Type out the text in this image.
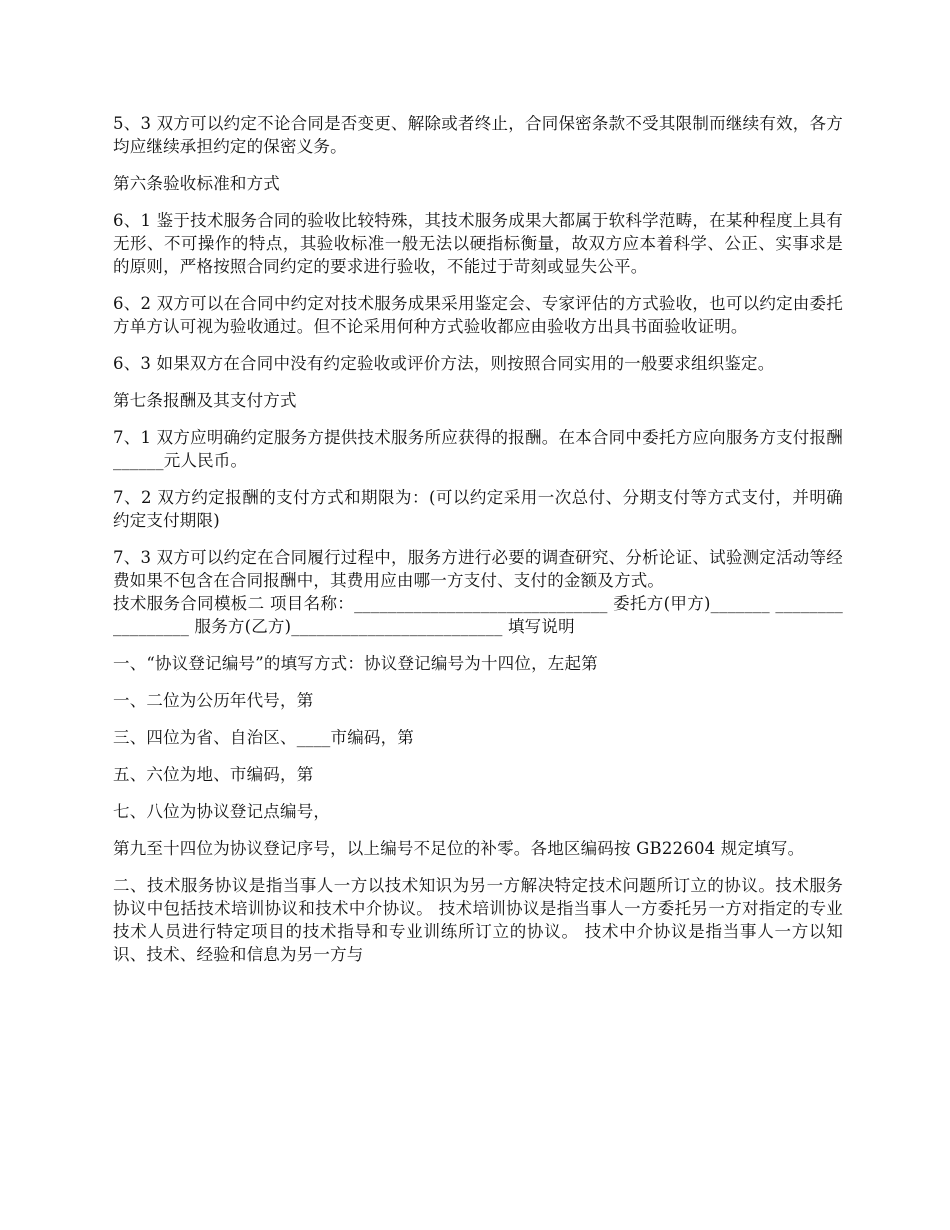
5、3 双方可以约定不论合同是否变更、解除或者终止，合同保密条款不受其限制而继续有效，各方均应继续承担约定的保密义务。

第六条验收标准和方式

6、1 鉴于技术服务合同的验收比较特殊，其技术服务成果大都属于软科学范畴，在某种程度上具有无形、不可操作的特点，其验收标准一般无法以硬指标衡量，故双方应本着科学、公正、实事求是的原则，严格按照合同约定的要求进行验收，不能过于苛刻或显失公平。

6、2 双方可以在合同中约定对技术服务成果采用鉴定会、专家评估的方式验收，也可以约定由委托方单方认可视为验收通过。但不论采用何种方式验收都应由验收方出具书面验收证明。

6、3 如果双方在合同中没有约定验收或评价方法，则按照合同实用的一般要求组织鉴定。

第七条报酬及其支付方式

7、1 双方应明确约定服务方提供技术服务所应获得的报酬。在本合同中委托方应向服务方支付报酬______元人民币。

7、2 双方约定报酬的支付方式和期限为：(可以约定采用一次总付、分期支付等方式支付，并明确约定支付期限)

7、3 双方可以约定在合同履行过程中，服务方进行必要的调查研究、分析论证、试验测定活动等经费如果不包含在合同报酬中，其费用应由哪一方支付、支付的金额及方式。

技术服务合同模板二 项目名称：______________________________ 委托方(甲方)_______ _________________ 服务方(乙方)_________________________ 填写说明

一、“协议登记编号”的填写方式：协议登记编号为十四位，左起第

一、二位为公历年代号，第

三、四位为省、自治区、____市编码，第

五、六位为地、市编码，第

七、八位为协议登记点编号，

第九至十四位为协议登记序号，以上编号不足位的补零。各地区编码按 GB22604 规定填写。

二、技术服务协议是指当事人一方以技术知识为另一方解决特定技术问题所订立的协议。技术服务协议中包括技术培训协议和技术中介协议。 技术培训协议是指当事人一方委托另一方对指定的专业技术人员进行特定项目的技术指导和专业训练所订立的协议。 技术中介协议是指当事人一方以知识、技术、经验和信息为另一方与
